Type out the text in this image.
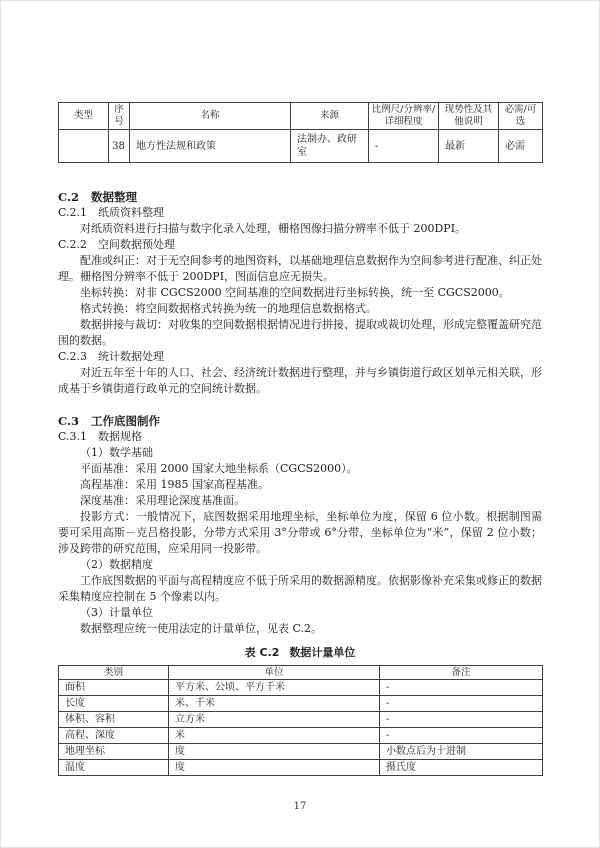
类型	序号	名称	来源	比例尺/分辨率/详细程度	现势性及其他说明	必需/可选
	38	地方性法规和政策	法制办、政研室	-	最新	必需
C.2 数据整理
C.2.1 纸质资料整理

对纸质资料进行扫描与数字化录入处理，栅格图像扫描分辨率不低于 200DPI。

C.2.2 空间数据预处理

配准或纠正：对于无空间参考的地图资料，以基础地理信息数据作为空间参考进行配准、纠正处理。栅格图分辨率不低于 200DPI，图面信息应无损失。

坐标转换：对非 CGCS2000 空间基准的空间数据进行坐标转换，统一至 CGCS2000。

格式转换：将空间数据格式转换为统一的地理信息数据格式。

数据拼接与裁切：对收集的空间数据根据情况进行拼接、提取或裁切处理，形成完整覆盖研究范围的数据。

C.2.3 统计数据处理

对近五年至十年的人口、社会、经济统计数据进行整理，并与乡镇街道行政区划单元相关联，形成基于乡镇街道行政单元的空间统计数据。

C.3 工作底图制作
C.3.1 数据规格

（1）数学基础

平面基准：采用 2000 国家大地坐标系（CGCS2000）。

高程基准：采用 1985 国家高程基准。

深度基准：采用理论深度基准面。

投影方式：一般情况下，底图数据采用地理坐标，坐标单位为度，保留 6 位小数。根据制图需要可采用高斯－克吕格投影，分带方式采用 3°分带或 6°分带，坐标单位为“米”，保留 2 位小数；涉及跨带的研究范围，应采用同一投影带。

（2）数据精度

工作底图数据的平面与高程精度应不低于所采用的数据源精度。依据影像补充采集或修正的数据采集精度应控制在 5 个像素以内。

（3）计量单位

数据整理应统一使用法定的计量单位，见表 C.2。

表 C.2 数据计量单位
类别	单位	备注
面积	平方米、公顷、平方千米	-
长度	米、千米	-
体积、容积	立方米	-
高程、深度	米	-
地理坐标	度	小数点后为十进制
温度	度	摄氏度
17
